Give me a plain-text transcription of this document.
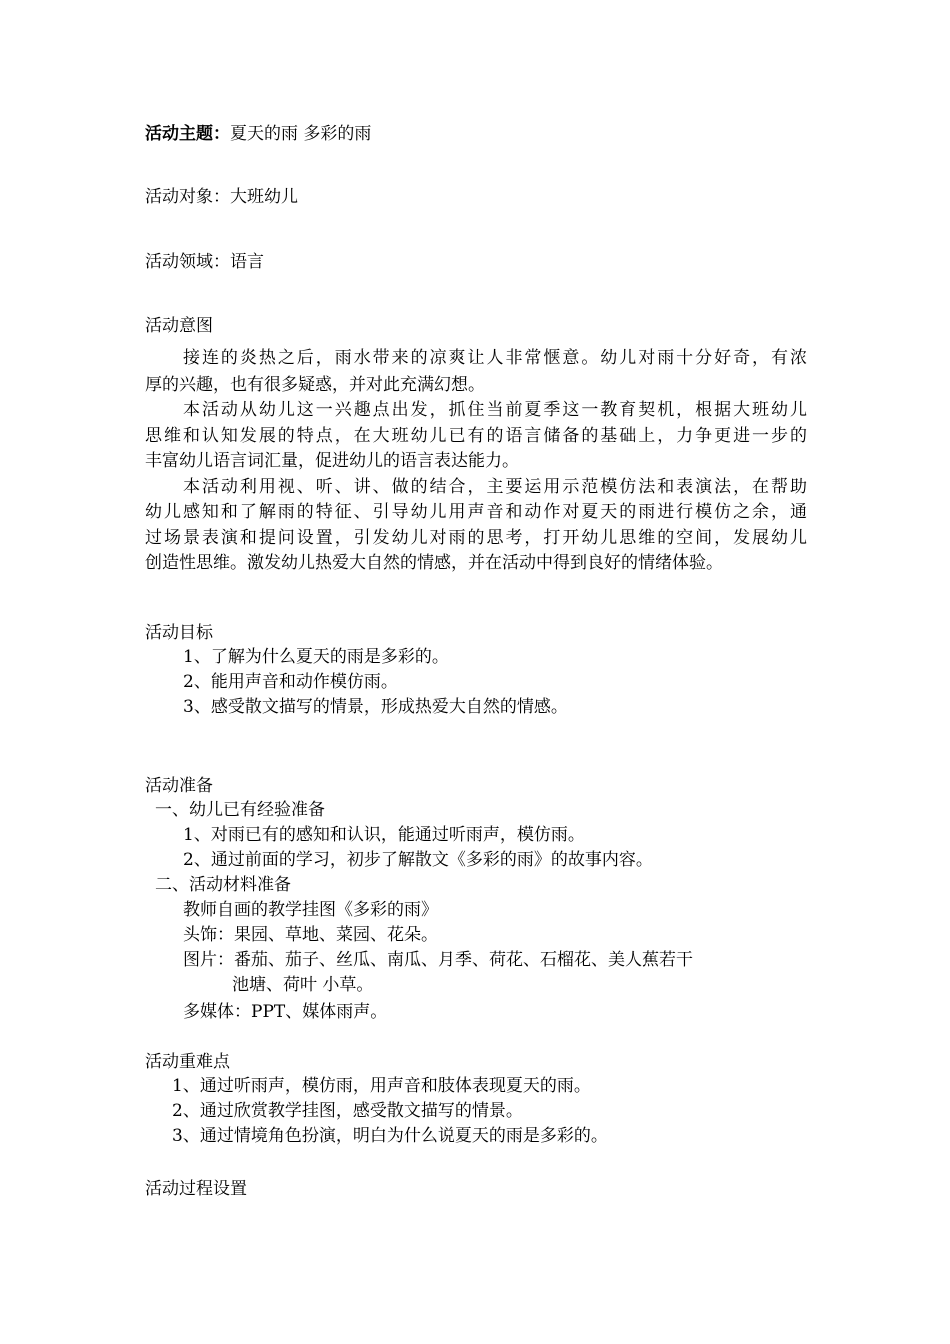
活动主题：夏天的雨 多彩的雨
活动对象：大班幼儿
活动领域：语言
活动意图
接连的炎热之后，雨水带来的凉爽让人非常惬意。幼儿对雨十分好奇，有浓
厚的兴趣，也有很多疑惑，并对此充满幻想。
本活动从幼儿这一兴趣点出发，抓住当前夏季这一教育契机，根据大班幼儿
思维和认知发展的特点，在大班幼儿已有的语言储备的基础上，力争更进一步的
丰富幼儿语言词汇量，促进幼儿的语言表达能力。
本活动利用视、听、讲、做的结合，主要运用示范模仿法和表演法，在帮助
幼儿感知和了解雨的特征、引导幼儿用声音和动作对夏天的雨进行模仿之余，通
过场景表演和提问设置，引发幼儿对雨的思考，打开幼儿思维的空间，发展幼儿
创造性思维。激发幼儿热爱大自然的情感，并在活动中得到良好的情绪体验。
活动目标
1、了解为什么夏天的雨是多彩的。
2、能用声音和动作模仿雨。
3、感受散文描写的情景，形成热爱大自然的情感。
活动准备
一、幼儿已有经验准备
1、对雨已有的感知和认识，能通过听雨声，模仿雨。
2、通过前面的学习，初步了解散文《多彩的雨》的故事内容。
二、活动材料准备
教师自画的教学挂图《多彩的雨》
头饰：果园、草地、菜园、花朵。
图片：番茄、茄子、丝瓜、南瓜、月季、荷花、石榴花、美人蕉若干
池塘、荷叶 小草。
多媒体：PPT、媒体雨声。
活动重难点
1、通过听雨声，模仿雨，用声音和肢体表现夏天的雨。
2、通过欣赏教学挂图，感受散文描写的情景。
3、通过情境角色扮演，明白为什么说夏天的雨是多彩的。
活动过程设置
